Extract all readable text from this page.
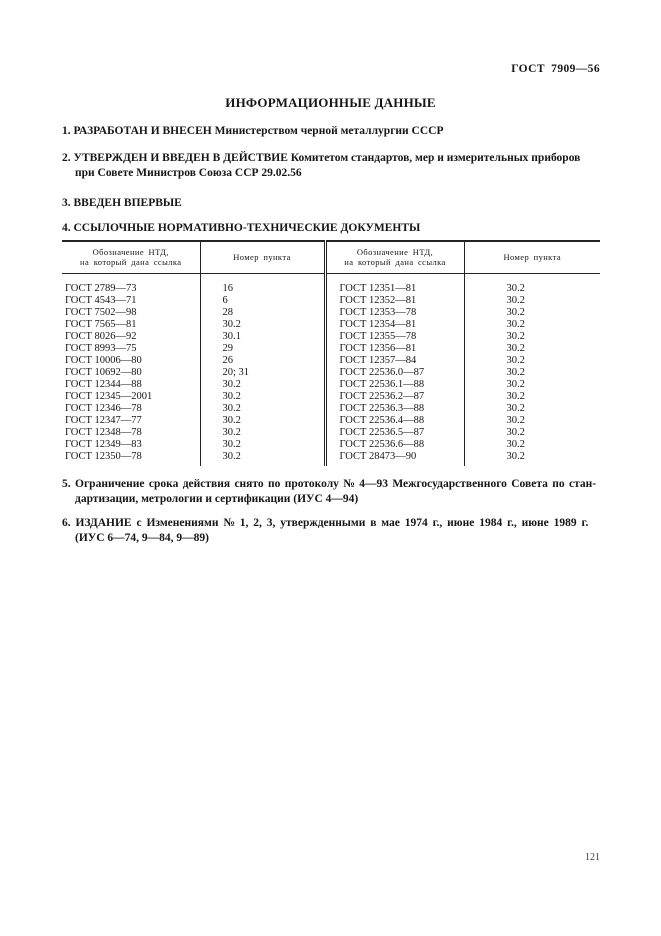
ГОСТ 7909—56
ИНФОРМАЦИОННЫЕ ДАННЫЕ

1. РАЗРАБОТАН И ВНЕСЕН Министерством черной металлургии СССР

2. УТВЕРЖДЕН И ВВЕДЕН В ДЕЙСТВИЕ Комитетом стандартов, мер и измерительных приборов
при Совете Министров Союза ССР 29.02.56

3. ВВЕДЕН ВПЕРВЫЕ

4. ССЫЛОЧНЫЕ НОРМАТИВНО-ТЕХНИЧЕСКИЕ ДОКУМЕНТЫ

Обозначение НТД,
на который дана ссылка	Номер пункта	Обозначение НТД,
на который дана ссылка	Номер пункта

ГОСТ 2789—73	16	ГОСТ 12351—81	30.2
ГОСТ 4543—71	6	ГОСТ 12352—81	30.2
ГОСТ 7502—98	28	ГОСТ 12353—78	30.2
ГОСТ 7565—81	30.2	ГОСТ 12354—81	30.2
ГОСТ 8026—92	30.1	ГОСТ 12355—78	30.2
ГОСТ 8993—75	29	ГОСТ 12356—81	30.2
ГОСТ 10006—80	26	ГОСТ 12357—84	30.2
ГОСТ 10692—80	20; 31	ГОСТ 22536.0—87	30.2
ГОСТ 12344—88	30.2	ГОСТ 22536.1—88	30.2
ГОСТ 12345—2001	30.2	ГОСТ 22536.2—87	30.2
ГОСТ 12346—78	30.2	ГОСТ 22536.3—88	30.2
ГОСТ 12347—77	30.2	ГОСТ 22536.4—88	30.2
ГОСТ 12348—78	30.2	ГОСТ 22536.5—87	30.2
ГОСТ 12349—83	30.2	ГОСТ 22536.6—88	30.2
ГОСТ 12350—78	30.2	ГОСТ 28473—90	30.2

5. Ограничение срока действия снято по протоколу № 4—93 Межгосударственного Совета по стан-
дартизации, метрологии и сертификации (ИУС 4—94)

6. ИЗДАНИЕ с Изменениями № 1, 2, 3, утвержденными в мае 1974 г., июне 1984 г., июне 1989 г.
(ИУС 6—74, 9—84, 9—89)

121
